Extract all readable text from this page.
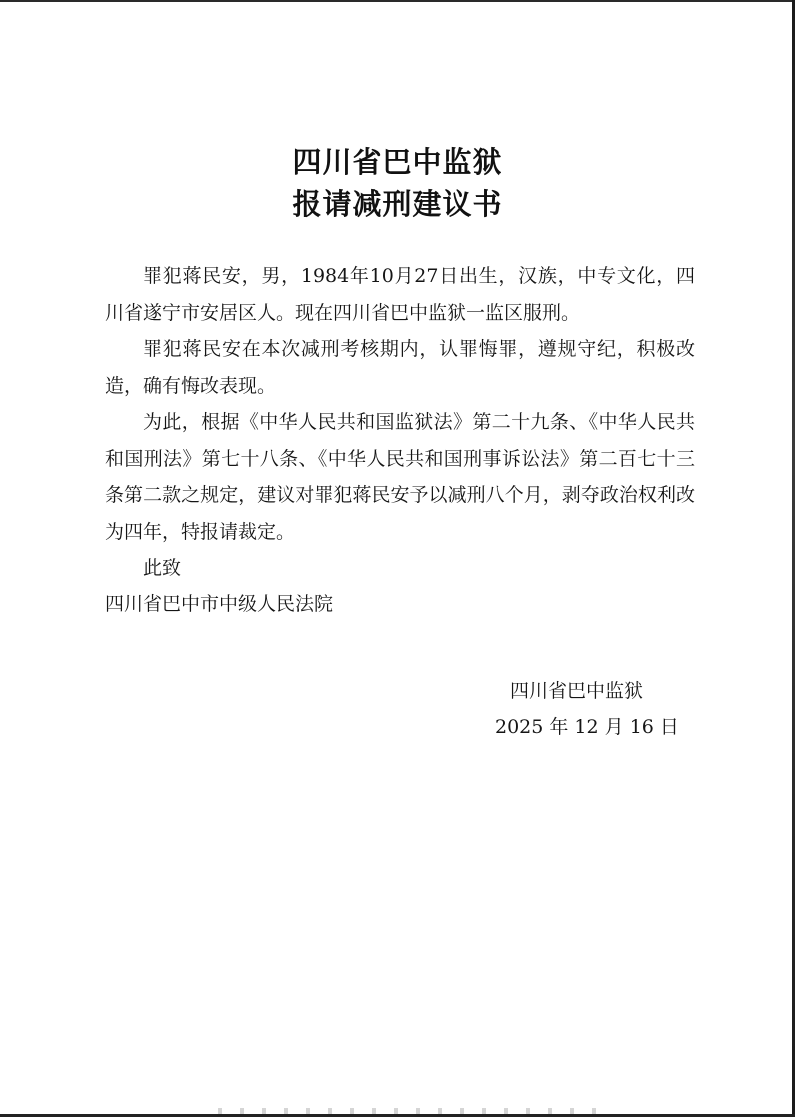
四川省巴中监狱
报请减刑建议书

罪犯蒋民安，男，1984年10月27日出生，汉族，中专文化，四川省遂宁市安居区人。现在四川省巴中监狱一监区服刑。

罪犯蒋民安在本次减刑考核期内，认罪悔罪，遵规守纪，积极改造，确有悔改表现。

为此，根据《中华人民共和国监狱法》第二十九条、《中华人民共和国刑法》第七十八条、《中华人民共和国刑事诉讼法》第二百七十三条第二款之规定，建议对罪犯蒋民安予以减刑八个月，剥夺政治权利改为四年，特报请裁定。

此致

四川省巴中市中级人民法院

四川省巴中监狱

2025 年 12 月 16 日
